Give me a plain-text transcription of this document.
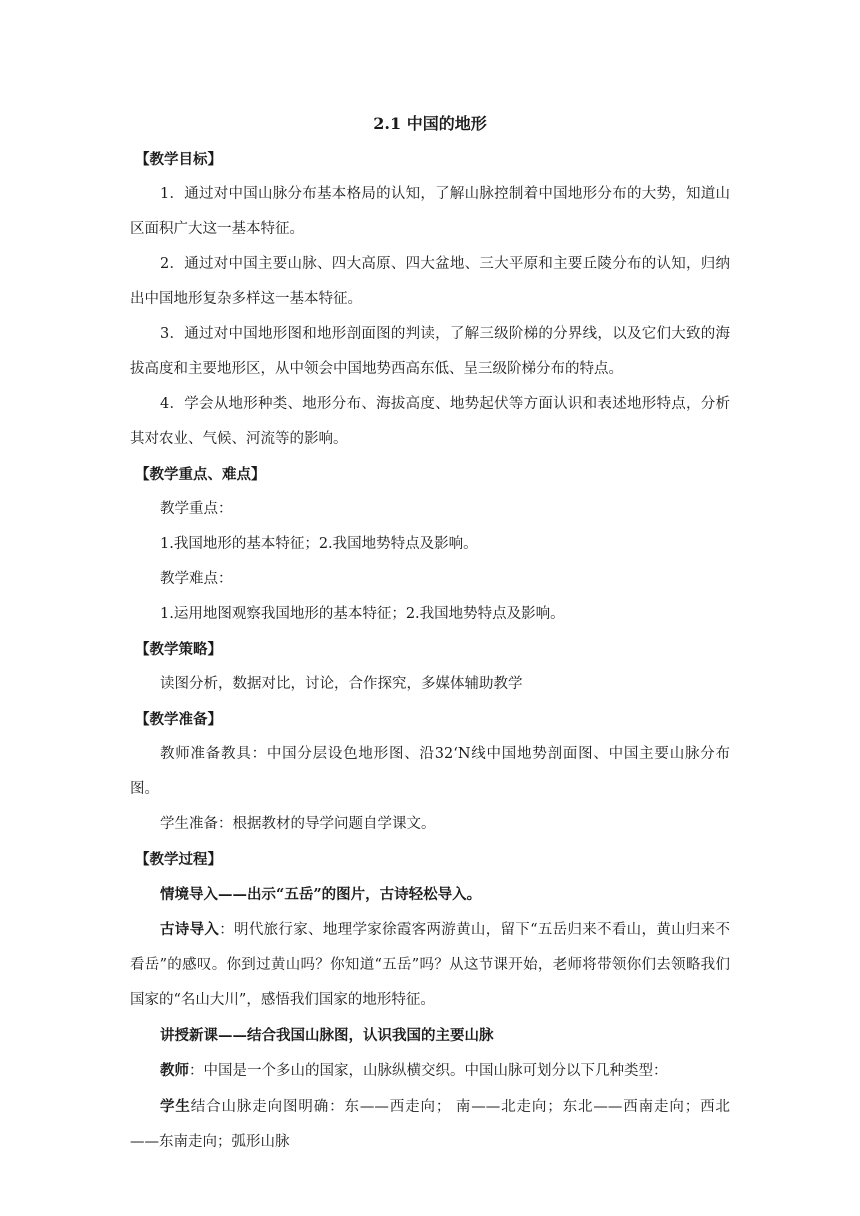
2.1 中国的地形

【教学目标】

1．通过对中国山脉分布基本格局的认知，了解山脉控制着中国地形分布的大势，知道山区面积广大这一基本特征。

2．通过对中国主要山脉、四大高原、四大盆地、三大平原和主要丘陵分布的认知，归纳出中国地形复杂多样这一基本特征。

3．通过对中国地形图和地形剖面图的判读，了解三级阶梯的分界线，以及它们大致的海拔高度和主要地形区，从中领会中国地势西高东低、呈三级阶梯分布的特点。

4．学会从地形种类、地形分布、海拔高度、地势起伏等方面认识和表述地形特点，分析其对农业、气候、河流等的影响。

【教学重点、难点】

教学重点：

1.我国地形的基本特征；2.我国地势特点及影响。

教学难点：

1.运用地图观察我国地形的基本特征；2.我国地势特点及影响。

【教学策略】

读图分析，数据对比，讨论，合作探究，多媒体辅助教学

【教学准备】

教师准备教具：中国分层设色地形图、沿32‘N线中国地势剖面图、中国主要山脉分布图。

学生准备：根据教材的导学问题自学课文。

【教学过程】

情境导入——出示“五岳”的图片，古诗轻松导入。

古诗导入：明代旅行家、地理学家徐霞客两游黄山，留下“五岳归来不看山，黄山归来不看岳”的感叹。你到过黄山吗？你知道“五岳”吗？从这节课开始，老师将带领你们去领略我们国家的“名山大川”，感悟我们国家的地形特征。

讲授新课——结合我国山脉图，认识我国的主要山脉

教师：中国是一个多山的国家，山脉纵横交织。中国山脉可划分以下几种类型：

学生结合山脉走向图明确：东——西走向； 南——北走向；东北——西南走向；西北——东南走向；弧形山脉
